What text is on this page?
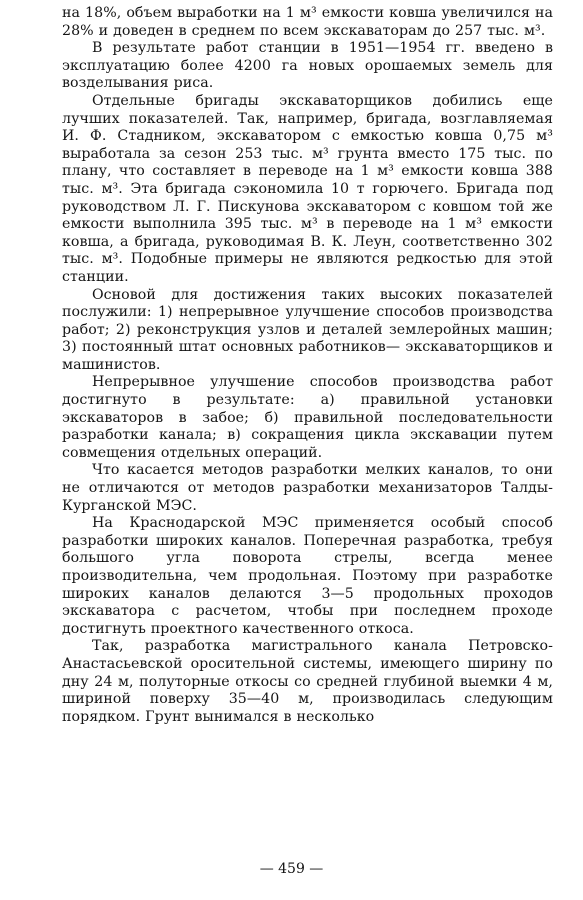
на 18%, объем выработки на 1 м³ емкости ковша увеличился на 28% и доведен в среднем по всем экскаваторам до 257 тыс. м³.

В результате работ станции в 1951—1954 гг. введено в эксплуатацию более 4200 га новых орошаемых земель для возделывания риса.

Отдельные бригады экскаваторщиков добились еще лучших показателей. Так, например, бригада, возглавляемая И. Ф. Стадником, экскаватором с емкостью ковша 0,75 м³ выработала за сезон 253 тыс. м³ грунта вместо 175 тыс. по плану, что составляет в переводе на 1 м³ емкости ковша 388 тыс. м³. Эта бригада сэкономила 10 т горючего. Бригада под руководством Л. Г. Пискунова экскаватором с ковшом той же емкости выполнила 395 тыс. м³ в переводе на 1 м³ емкости ковша, а бригада, руководимая В. К. Леун, соответственно 302 тыс. м³. Подобные примеры не являются редкостью для этой станции.

Основой для достижения таких высоких показателей послужили: 1) непрерывное улучшение способов производства работ; 2) реконструкция узлов и деталей землеройных машин; 3) постоянный штат основных работников— экскаваторщиков и машинистов.

Непрерывное улучшение способов производства работ достигнуто в результате: а) правильной установки экскаваторов в забое; б) правильной последовательности разработки канала; в) сокращения цикла экскавации путем совмещения отдельных операций.

Что касается методов разработки мелких каналов, то они не отличаются от методов разработки механизаторов Талды-Курганской МЭС.

На Краснодарской МЭС применяется особый способ разработки широких каналов. Поперечная разработка, требуя большого угла поворота стрелы, всегда менее производительна, чем продольная. Поэтому при разработке широких каналов делаются 3—5 продольных проходов экскаватора с расчетом, чтобы при последнем проходе достигнуть проектного качественного откоса.

Так, разработка магистрального канала Петровско-Анастасьевской оросительной системы, имеющего ширину по дну 24 м, полуторные откосы со средней глубиной выемки 4 м, шириной поверху 35—40 м, производилась следующим порядком. Грунт вынимался в несколько

— 459 —
